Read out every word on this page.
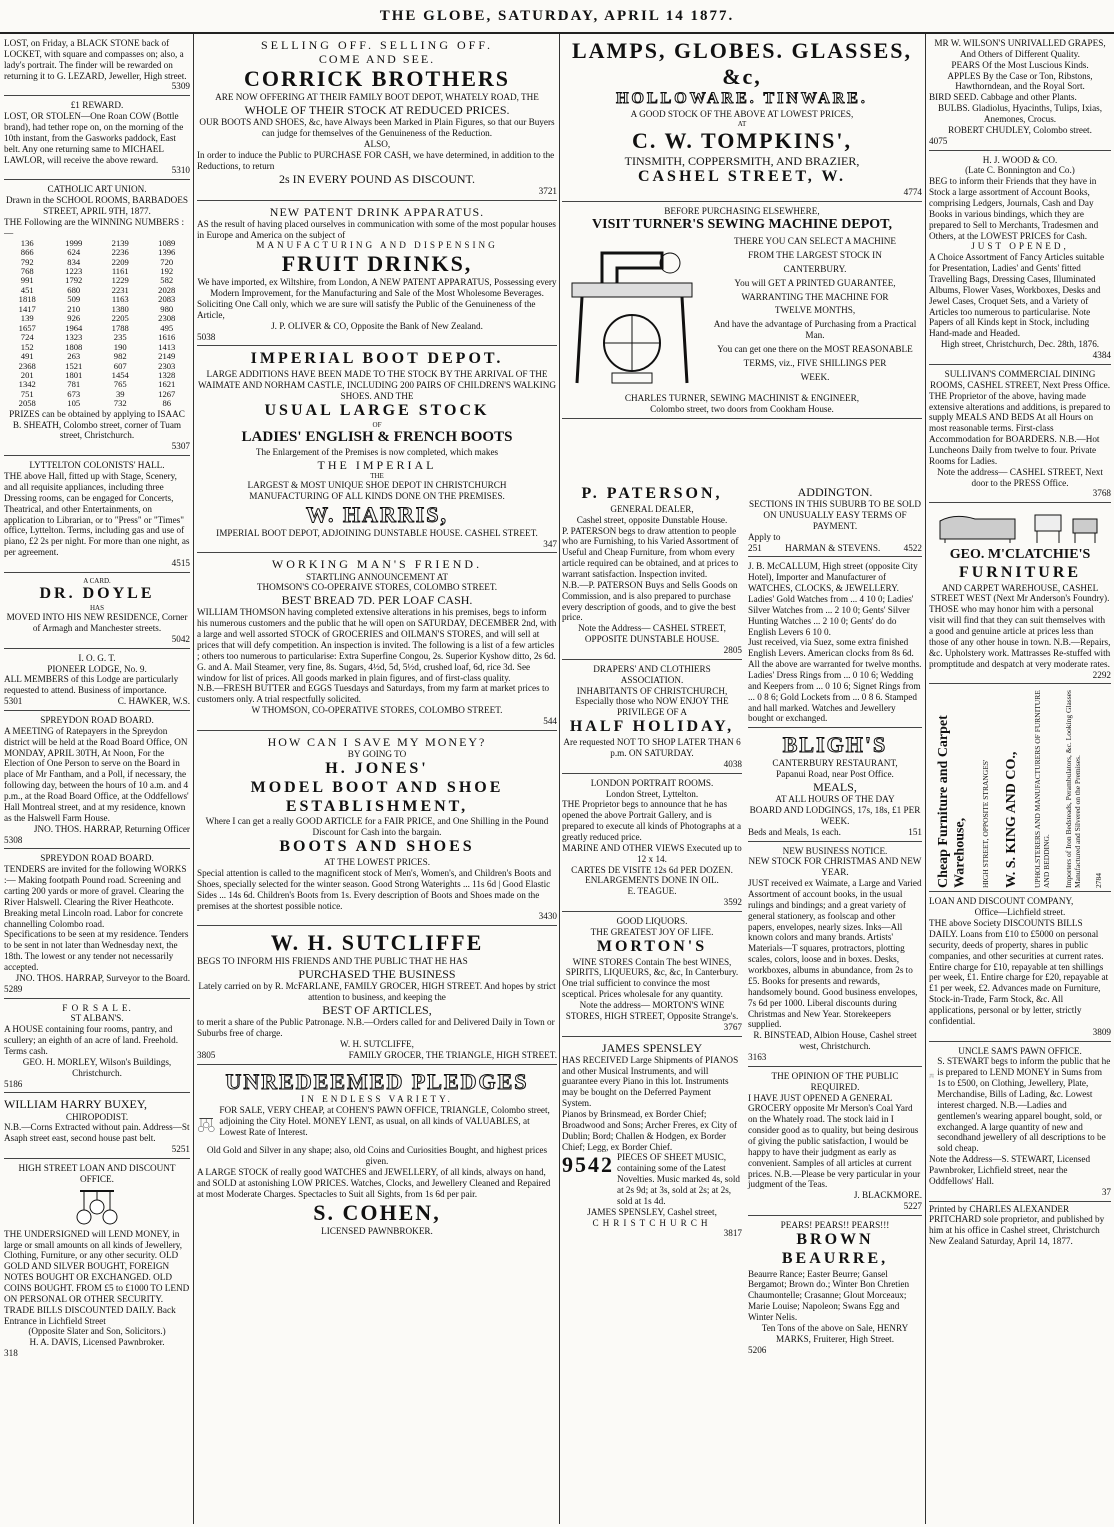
THE GLOBE, SATURDAY, APRIL 14 1877.
LOST, on Friday, a BLACK STONE back of LOCKET, with square and compasses on; also, a lady's portrait. The finder will be rewarded on returning it to G. LEZARD, Jeweller, High street.
5309
£1 REWARD.
LOST, OR STOLEN—One Roan COW (Bottle brand), had tether rope on, on the morning of the 10th instant, from the Gasworks paddock, East belt. Any one returning same to MICHAEL LAWLOR, will receive the above reward.
5310
CATHOLIC ART UNION.
Drawn in the SCHOOL ROOMS, BARBADOES STREET, APRIL 9TH, 1877.
THE Following are the WINNING NUMBERS :—
136	1999	2139	1089
866	624	2236	1396
792	834	2209	720
768	1223	1161	192
991	1792	1229	582
451	680	2231	2028
1818	509	1163	2083
1417	210	1380	980
139	926	2205	2308
1657	1964	1788	495
724	1323	235	1616
152	1808	190	1413
491	263	982	2149
2368	1521	607	2303
201	1801	1454	1328
1342	781	765	1621
751	673	39	1267
2058	105	732	86
PRIZES can be obtained by applying to ISAAC B. SHEATH, Colombo street, corner of Tuam street, Christchurch.
5307
LYTTELTON COLONISTS' HALL.
THE above Hall, fitted up with Stage, Scenery, and all requisite appliances, including three Dressing rooms, can be engaged for Concerts, Theatrical, and other Entertainments, on application to Librarian, or to "Press" or "Times" office, Lyttelton. Terms, including gas and use of piano, £2 2s per night. For more than one night, as per agreement.
4515
A CARD.
DR. DOYLE
HAS
MOVED INTO HIS NEW RESIDENCE, Corner of Armagh and Manchester streets.
5042
I. O. G. T.
PIONEER LODGE, No. 9.
ALL MEMBERS of this Lodge are particularly requested to attend. Business of importance.
5301	C. HAWKER, W.S.
SPREYDON ROAD BOARD.
A MEETING of Ratepayers in the Spreydon district will be held at the Road Board Office, ON MONDAY, APRIL 30TH, At Noon, For the Election of One Person to serve on the Board in place of Mr Fantham, and a Poll, if necessary, the following day, between the hours of 10 a.m. and 4 p.m., at the Road Board Office, at the Oddfellows' Hall Montreal street, and at my residence, known as the Halswell Farm House.
JNO. THOS. HARRAP, Returning Officer
5308
SPREYDON ROAD BOARD.
TENDERS are invited for the following WORKS :— Making footpath Pound road. Screening and carting 200 yards or more of gravel. Clearing the River Halswell. Clearing the River Heathcote. Breaking metal Lincoln road. Labor for concrete channelling Colombo road.
Specifications to be seen at my residence. Tenders to be sent in not later than Wednesday next, the 18th. The lowest or any tender not necessarily accepted.
JNO. THOS. HARRAP, Surveyor to the Board.
5289
F O R S A L E.
ST ALBAN'S.
A HOUSE containing four rooms, pantry, and scullery; an eighth of an acre of land. Freehold. Terms cash.
GEO. H. MORLEY, Wilson's Buildings, Christchurch.
5186
WILLIAM HARRY BUXEY,
CHIROPODIST.
N.B.—Corns Extracted without pain. Address—St Asaph street east, second house past belt.
5251
HIGH STREET LOAN AND DISCOUNT OFFICE.
THE UNDERSIGNED will LEND MONEY, in large or small amounts on all kinds of Jewellery, Clothing, Furniture, or any other security. OLD GOLD AND SILVER BOUGHT, FOREIGN NOTES BOUGHT OR EXCHANGED. OLD COINS BOUGHT. FROM £5 to £1000 TO LEND ON PERSONAL OR OTHER SECURITY. TRADE BILLS DISCOUNTED DAILY. Back Entrance in Lichfield Street
(Opposite Slater and Son, Solicitors.)
H. A. DAVIS, Licensed Pawnbroker.
318
SELLING OFF. SELLING OFF.
COME AND SEE.
CORRICK BROTHERS
ARE NOW OFFERING AT THEIR FAMILY BOOT DEPOT, WHATELY ROAD, THE
WHOLE OF THEIR STOCK AT REDUCED PRICES.
OUR BOOTS AND SHOES, &c, have Always been Marked in Plain Figures, so that our Buyers can judge for themselves of the Genuineness of the Reduction.
ALSO,
In order to induce the Public to PURCHASE FOR CASH, we have determined, in addition to the Reductions, to return
2s IN EVERY POUND AS DISCOUNT.
3721
NEW PATENT DRINK APPARATUS.
AS the result of having placed ourselves in communication with some of the most popular houses in Europe and America on the subject of
MANUFACTURING AND DISPENSING
FRUIT DRINKS,
We have imported, ex Wiltshire, from London, A NEW PATENT APPARATUS, Possessing every Modern Improvement, for the Manufacturing and Sale of the Most Wholesome Beverages.
Soliciting One Call only, which we are sure will satisfy the Public of the Genuineness of the Article,
J. P. OLIVER & CO, Opposite the Bank of New Zealand.
5038
IMPERIAL BOOT DEPOT.
LARGE ADDITIONS HAVE BEEN MADE TO THE STOCK BY THE ARRIVAL OF THE WAIMATE AND NORHAM CASTLE, INCLUDING 200 PAIRS OF CHILDREN'S WALKING SHOES. AND THE
USUAL LARGE STOCK
OF
LADIES' ENGLISH & FRENCH BOOTS
The Enlargement of the Premises is now completed, which makes
THE IMPERIAL
THE
LARGEST & MOST UNIQUE SHOE DEPOT IN CHRISTCHURCH
MANUFACTURING OF ALL KINDS DONE ON THE PREMISES.
W. HARRIS,
IMPERIAL BOOT DEPOT, ADJOINING DUNSTABLE HOUSE. CASHEL STREET.
347
WORKING MAN'S FRIEND.
STARTLING ANNOUNCEMENT AT
THOMSON'S CO-OPERAIVE STORES, COLOMBO STREET.
BEST BREAD 7D. PER LOAF CASH.
WILLIAM THOMSON having completed extensive alterations in his premises, begs to inform his numerous customers and the public that he will open on SATURDAY, DECEMBER 2nd, with a large and well assorted STOCK of GROCERIES and OILMAN'S STORES, and will sell at prices that will defy competition. An inspection is invited. The following is a list of a few articles ; others too numerous to particularise: Extra Superfine Congou, 2s. Superior Kyshow ditto, 2s 6d. G. and A. Mail Steamer, very fine, 8s. Sugars, 4½d, 5d, 5½d, crushed loaf, 6d, rice 3d. See window for list of prices. All goods marked in plain figures, and of first-class quality.
N.B.—FRESH BUTTER and EGGS Tuesdays and Saturdays, from my farm at market prices to customers only. A trial respectfully solicited.
W THOMSON, CO-OPERATIVE STORES, COLOMBO STREET.
544
HOW CAN I SAVE MY MONEY?
BY GOING TO
H. JONES'
MODEL BOOT AND SHOE ESTABLISHMENT,
Where I can get a really GOOD ARTICLE for a FAIR PRICE, and One Shilling in the Pound Discount for Cash into the bargain.
BOOTS AND SHOES
AT THE LOWEST PRICES.
Special attention is called to the magnificent stock of Men's, Women's, and Children's Boots and Shoes, specially selected for the winter season. Good Strong Waterights ... 11s 6d | Good Elastic Sides ... 14s 6d. Children's Boots from 1s. Every description of Boots and Shoes made on the premises at the shortest possible notice.
3430
W. H. SUTCLIFFE
BEGS TO INFORM HIS FRIENDS AND THE PUBLIC THAT HE HAS
PURCHASED THE BUSINESS
Lately carried on by R. McFARLANE, FAMILY GROCER, HIGH STREET. And hopes by strict attention to business, and keeping the
BEST OF ARTICLES,
to merit a share of the Public Patronage. N.B.—Orders called for and Delivered Daily in Town or Suburbs free of charge.
W. H. SUTCLIFFE,
3805	FAMILY GROCER, THE TRIANGLE, HIGH STREET.
UNREDEEMED PLEDGES
IN ENDLESS VARIETY.
FOR SALE, VERY CHEAP, at COHEN'S PAWN OFFICE, TRIANGLE, Colombo street, adjoining the City Hotel. MONEY LENT, as usual, on all kinds of VALUABLES, at Lowest Rate of Interest.
Old Gold and Silver in any shape; also, old Coins and Curiosities Bought, and highest prices given.
A LARGE STOCK of really good WATCHES and JEWELLERY, of all kinds, always on hand, and SOLD at astonishing LOW PRICES. Watches, Clocks, and Jewellery Cleaned and Repaired at most Moderate Charges. Spectacles to Suit all Sights, from 1s 6d per pair.
S. COHEN,
LICENSED PAWNBROKER.
LAMPS, GLOBES. GLASSES, &c,
HOLLOWARE. TINWARE.
A GOOD STOCK OF THE ABOVE AT LOWEST PRICES,
AT
C. W. TOMPKINS',
TINSMITH, COPPERSMITH, AND BRAZIER,
CASHEL STREET, W.
4774
BEFORE PURCHASING ELSEWHERE,
VISIT TURNER'S SEWING MACHINE DEPOT,
THERE YOU CAN SELECT A MACHINE
FROM THE LARGEST STOCK IN
CANTERBURY.
You will GET A PRINTED GUARANTEE,
WARRANTING THE MACHINE FOR
TWELVE MONTHS,
And have the advantage of Purchasing from a Practical Man.
You can get one there on the MOST REASONABLE
TERMS, viz., FIVE SHILLINGS PER
WEEK.
CHARLES TURNER, SEWING MACHINIST & ENGINEER,
Colombo street, two doors from Cookham House.
P. PATERSON,
GENERAL DEALER,
Cashel street, opposite Dunstable House.
P. PATERSON begs to draw attention to people who are Furnishing, to his Varied Assortment of Useful and Cheap Furniture, from whom every article required can be obtained, and at prices to warrant satisfaction. Inspection invited.
N.B.—P. PATERSON Buys and Sells Goods on Commission, and is also prepared to purchase every description of goods, and to give the best price.
Note the Address— CASHEL STREET, OPPOSITE DUNSTABLE HOUSE.
2805
DRAPERS' AND CLOTHIERS ASSOCIATION.
INHABITANTS OF CHRISTCHURCH, Especially those who NOW ENJOY THE PRIVILEGE OF A
HALF HOLIDAY,
Are requested NOT TO SHOP LATER THAN 6 p.m. ON SATURDAY.
4038
LONDON PORTRAIT ROOMS.
London Street, Lyttelton.
THE Proprietor begs to announce that he has opened the above Portrait Gallery, and is prepared to execute all kinds of Photographs at a greatly reduced price.
MARINE AND OTHER VIEWS Executed up to 12 x 14.
CARTES DE VISITE 12s 6d PER DOZEN.
ENLARGEMENTS DONE IN OIL.
E. TEAGUE.
3592
GOOD LIQUORS.
THE GREATEST JOY OF LIFE.
MORTON'S
WINE STORES Contain The best WINES, SPIRITS, LIQUEURS, &c, &c, In Canterbury.
One trial sufficient to convince the most sceptical. Prices wholesale for any quantity.
Note the address— MORTON'S WINE STORES, HIGH STREET, Opposite Strange's.
3767
JAMES SPENSLEY
HAS RECEIVED Large Shipments of PIANOS and other Musical Instruments, and will guarantee every Piano in this lot. Instruments may be bought on the Deferred Payment System.
Pianos by Brinsmead, ex Border Chief; Broadwood and Sons; Archer Freres, ex City of Dublin; Bord; Challen & Hodgen, ex Border Chief; Legg, ex Border Chief.
9542 PIECES OF SHEET MUSIC, containing some of the Latest Novelties. Music marked 4s, sold at 2s 9d; at 3s, sold at 2s; at 2s, sold at 1s 4d.
JAMES SPENSLEY, Cashel street,
CHRISTCHURCH
3817
ADDINGTON.
SECTIONS IN THIS SUBURB TO BE SOLD ON UNUSUALLY EASY TERMS OF PAYMENT.
Apply to
251	HARMAN & STEVENS.	4522
J. B. McCALLUM, High street (opposite City Hotel), Importer and Manufacturer of WATCHES, CLOCKS, & JEWELLERY.
Ladies' Gold Watches from ... 4 10 0; Ladies' Silver Watches from ... 2 10 0; Gents' Silver Hunting Watches ... 2 10 0; Gents' do do English Levers 6 10 0.
Just received, via Suez, some extra finished English Levers. American clocks from 8s 6d. All the above are warranted for twelve months. Ladies' Dress Rings from ... 0 10 6; Wedding and Keepers from ... 0 10 6; Signet Rings from ... 0 8 6; Gold Lockets from ... 0 8 6. Stamped and hall marked. Watches and Jewellery bought or exchanged.
BLIGH'S
CANTERBURY RESTAURANT,
Papanui Road, near Post Office.
MEALS,
AT ALL HOURS OF THE DAY
BOARD AND LODGINGS, 17s, 18s, £1 PER WEEK.
Beds and Meals, 1s each.	151
NEW BUSINESS NOTICE.
NEW STOCK FOR CHRISTMAS AND NEW YEAR.
JUST received ex Waimate, a Large and Varied Assortment of account books, in the usual rulings and bindings; and a great variety of general stationery, as foolscap and other papers, envelopes, nearly sizes. Inks—All known colors and many brands. Artists' Materials—T squares, protractors, plotting scales, colors, loose and in boxes. Desks, workboxes, albums in abundance, from 2s to £5. Books for presents and rewards, handsomely bound. Good business envelopes, 7s 6d per 1000. Liberal discounts during Christmas and New Year. Storekeepers supplied.
R. BINSTEAD, Albion House, Cashel street west, Christchurch.
3163
THE OPINION OF THE PUBLIC REQUIRED.
I HAVE JUST OPENED A GENERAL GROCERY opposite Mr Merson's Coal Yard on the Whately road. The stock laid in I consider good as to quality, but being desirous of giving the public satisfaction, I would be happy to have their judgment as early as convenient. Samples of all articles at current prices. N.B.—Please be very particular in your judgment of the Teas.
J. BLACKMORE.
5227
PEARS! PEARS!! PEARS!!!
BROWN BEAURRE,
Beaurre Rance; Easter Beurre; Gansel Bergamot; Brown do.; Winter Bon Chretien Chaumontelle; Crasanne; Glout Morceaux; Marie Louise; Napoleon; Swans Egg and Winter Nelis.
Ten Tons of the above on Sale, HENRY MARKS, Fruiterer, High Street.
5206
MR W. WILSON'S UNRIVALLED GRAPES, And Others of Different Quality.
PEARS Of the Most Luscious Kinds.
APPLES By the Case or Ton, Ribstons, Hawthorndean, and the Royal Sort.
BIRD SEED. Cabbage and other Plants.
BULBS. Gladiolus, Hyacinths, Tulips, Ixias, Anemones, Crocus.
ROBERT CHUDLEY, Colombo street.
4075
H. J. WOOD & CO.
(Late C. Bonnington and Co.)
BEG to inform their Friends that they have in Stock a large assortment of Account Books, comprising Ledgers, Journals, Cash and Day Books in various bindings, which they are prepared to Sell to Merchants, Tradesmen and Others, at the LOWEST PRICES for Cash.
JUST OPENED,
A Choice Assortment of Fancy Articles suitable for Presentation, Ladies' and Gents' fitted Travelling Bags, Dressing Cases, Illuminated Albums, Flower Vases, Workboxes, Desks and Jewel Cases, Croquet Sets, and a Variety of Articles too numerous to particularise. Note Papers of all Kinds kept in Stock, including Hand-made and Headed.
High street, Christchurch, Dec. 28th, 1876.
4384
SULLIVAN'S COMMERCIAL DINING ROOMS, CASHEL STREET, Next Press Office.
THE Proprietor of the above, having made extensive alterations and additions, is prepared to supply MEALS AND BEDS At all Hours on most reasonable terms. First-class Accommodation for BOARDERS. N.B.—Hot Luncheons Daily from twelve to four. Private Rooms for Ladies.
Note the address— CASHEL STREET, Next door to the PRESS Office.
3768
GEO. M'CLATCHIE'S
FURNITURE
AND CARPET WAREHOUSE, CASHEL STREET WEST (Next Mr Anderson's Foundry).
THOSE who may honor him with a personal visit will find that they can suit themselves with a good and genuine article at prices less than those of any other house in town. N.B.—Repairs, &c. Upholstery work. Mattrasses Re-stuffed with promptitude and despatch at very moderate rates.
2292
Cheap Furniture and Carpet Warehouse, HIGH STREET, OPPOSITE STRANGES' W. S. KING AND CO., UPHOLSTERERS AND MANUFACTURERS OF FURNITURE AND BEDDING. Importers of Iron Bedsteads, Perambulators, &c. Looking Glasses Manufactured and Silvered on the Premises. 2784
LOAN AND DISCOUNT COMPANY,
Office—Lichfield street.
THE above Society DISCOUNTS BILLS DAILY. Loans from £10 to £5000 on personal security, deeds of property, shares in public companies, and other securities at current rates. Entire charge for £10, repayable at ten shillings per week, £1. Entire charge for £20, repayable at £1 per week, £2. Advances made on Furniture, Stock-in-Trade, Farm Stock, &c. All applications, personal or by letter, strictly confidential.
3809
UNCLE SAM'S PAWN OFFICE.
S. STEWART begs to inform the public that he is prepared to LEND MONEY in Sums from 1s to £500, on Clothing, Jewellery, Plate, Merchandise, Bills of Lading, &c. Lowest interest charged. N.B.—Ladies and gentlemen's wearing apparel bought, sold, or exchanged. A large quantity of new and secondhand jewellery of all descriptions to be sold cheap.
Note the Address—S. STEWART, Licensed Pawnbroker, Lichfield street, near the Oddfellows' Hall.
37
Printed by CHARLES ALEXANDER PRITCHARD sole proprietor, and published by him at his office in Cashel street, Christchurch New Zealand Saturday, April 14, 1877.
